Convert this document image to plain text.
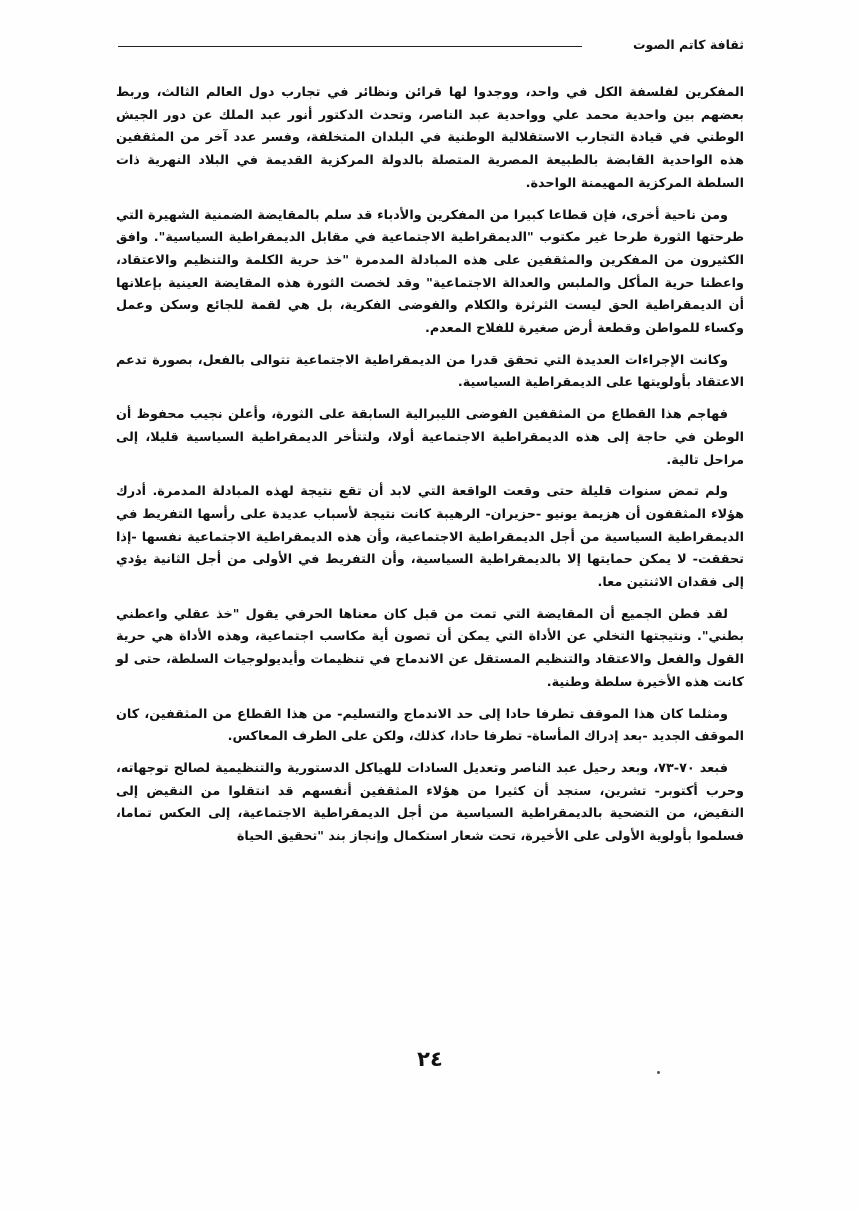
ثقافة كاتم الصوت

المفكرين لفلسفة الكل في واحد، ووجدوا لها قرائن ونظائر في تجارب دول العالم الثالث، وربط بعضهم بين واحدية محمد علي وواحدية عبد الناصر، وتحدث الدكتور أنور عبد الملك عن دور الجيش الوطني في قيادة التجارب الاستقلالية الوطنية في البلدان المتخلفة، وفسر عدد آخر من المثقفين هذه الواحدية القابضة بالطبيعة المصرية المتصلة بالدولة المركزية القديمة في البلاد النهرية ذات السلطة المركزية المهيمنة الواحدة.

ومن ناحية أخرى، فإن قطاعا كبيرا من المفكرين والأدباء قد سلم بالمقايضة الضمنية الشهيرة التي طرحتها الثورة طرحا غير مكتوب "الديمقراطية الاجتماعية في مقابل الديمقراطية السياسية". وافق الكثيرون من المفكرين والمثقفين على هذه المبادلة المدمرة "خذ حرية الكلمة والتنظيم والاعتقاد، واعطنا حرية المأكل والملبس والعدالة الاجتماعية" وقد لخصت الثورة هذه المقايضة العينية بإعلانها أن الديمقراطية الحق ليست الثرثرة والكلام والفوضى الفكرية، بل هي لقمة للجائع وسكن وعمل وكساء للمواطن وقطعة أرض صغيرة للفلاح المعدم.

وكانت الإجراءات العديدة التي تحقق قدرا من الديمقراطية الاجتماعية تتوالى بالفعل، بصورة تدعم الاعتقاد بأولويتها على الديمقراطية السياسية.

فهاجم هذا القطاع من المثقفين الفوضى الليبرالية السابقة على الثورة، وأعلن نجيب محفوظ أن الوطن في حاجة إلى هذه الديمقراطية الاجتماعية أولا، ولتتأخر الديمقراطية السياسية قليلا، إلى مراحل تالية.

ولم تمض سنوات قليلة حتى وقعت الواقعة التي لابد أن تقع نتيجة لهذه المبادلة المدمرة. أدرك هؤلاء المثقفون أن هزيمة يونيو -حزيران- الرهيبة كانت نتيجة لأسباب عديدة على رأسها التفريط في الديمقراطية السياسية من أجل الديمقراطية الاجتماعية، وأن هذه الديمقراطية الاجتماعية نفسها -إذا تحققت- لا يمكن حمايتها إلا بالديمقراطية السياسية، وأن التفريط في الأولى من أجل الثانية يؤدي إلى فقدان الاثنتين معا.

لقد فطن الجميع أن المقايضة التي تمت من قبل كان معناها الحرفي يقول "خذ عقلي واعطني بطني". ونتيجتها التخلي عن الأداة التي يمكن أن تصون أية مكاسب اجتماعية، وهذه الأداة هي حرية القول والفعل والاعتقاد والتنظيم المستقل عن الاندماج في تنظيمات وأيديولوجيات السلطة، حتى لو كانت هذه الأخيرة سلطة وطنية.

ومثلما كان هذا الموقف تطرفا حادا إلى حد الاندماج والتسليم- من هذا القطاع من المثقفين، كان الموقف الجديد -بعد إدراك المأساة- تطرفا حادا، كذلك، ولكن على الطرف المعاكس.

فبعد ٧٠-٧٣، وبعد رحيل عبد الناصر وتعديل السادات للهياكل الدستورية والتنظيمية لصالح توجهاته، وحرب أكتوبر- تشرين، سنجد أن كثيرا من هؤلاء المثقفين أنفسهم قد انتقلوا من النقيض إلى النقيض، من التضحية بالديمقراطية السياسية من أجل الديمقراطية الاجتماعية، إلى العكس تماما، فسلموا بأولوية الأولى على الأخيرة، تحت شعار استكمال وإنجاز بند "تحقيق الحياة

٢٤
